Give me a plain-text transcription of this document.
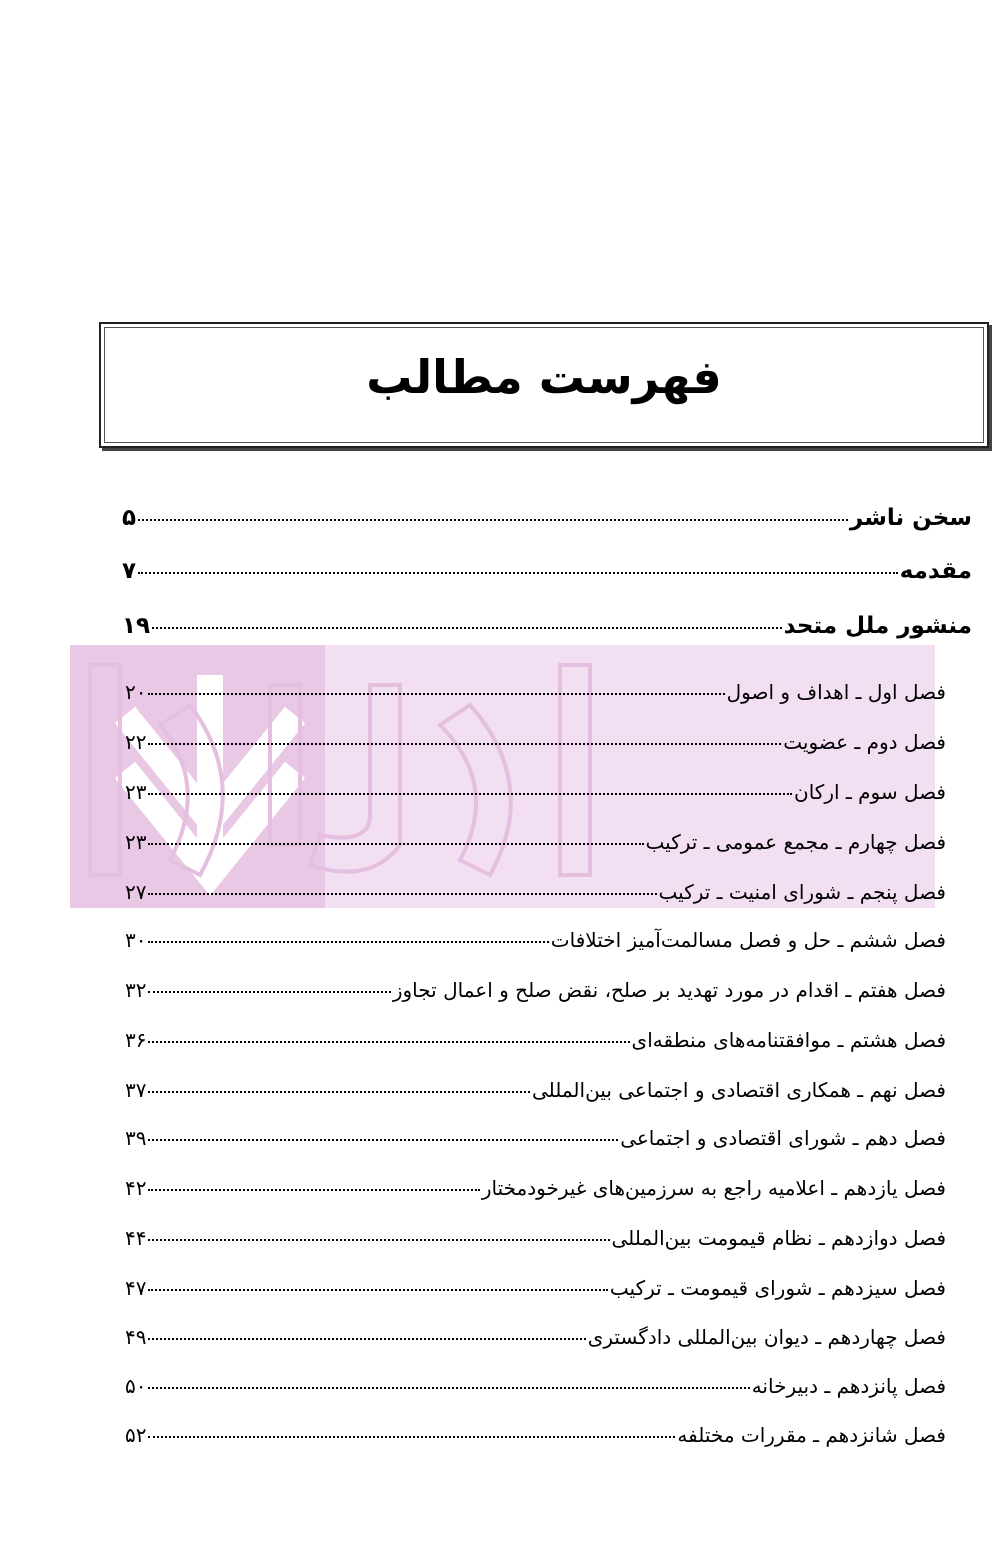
فهرست مطالب
سخن ناشر
۵
مقدمه
۷
منشور ملل متحد
۱۹
فصل اول ـ اهداف و اصول
۲۰
فصل دوم ـ عضویت
۲۲
فصل سوم ـ ارکان
۲۳
فصل چهارم ـ مجمع عمومی ـ ترکیب
۲۳
فصل پنجم ـ شورای امنیت ـ ترکیب
۲۷
فصل ششم ـ حل و فصل مسالمت‌آمیز اختلافات
۳۰
فصل هفتم ـ اقدام در مورد تهدید بر صلح، نقض صلح و اعمال تجاوز
۳۲
فصل هشتم ـ موافقتنامه‌های منطقه‌ای
۳۶
فصل نهم ـ همکاری اقتصادی و اجتماعی بین‌المللی
۳۷
فصل دهم ـ شورای اقتصادی و اجتماعی
۳۹
فصل یازدهم ـ اعلامیه راجع به سرزمین‌های غیرخودمختار
۴۲
فصل دوازدهم ـ نظام قیمومت بین‌المللی
۴۴
فصل سیزدهم ـ شورای قیمومت ـ ترکیب
۴۷
فصل چهاردهم ـ دیوان بین‌المللی دادگستری
۴۹
فصل پانزدهم ـ دبیرخانه
۵۰
فصل شانزدهم ـ مقررات مختلفه
۵۲
